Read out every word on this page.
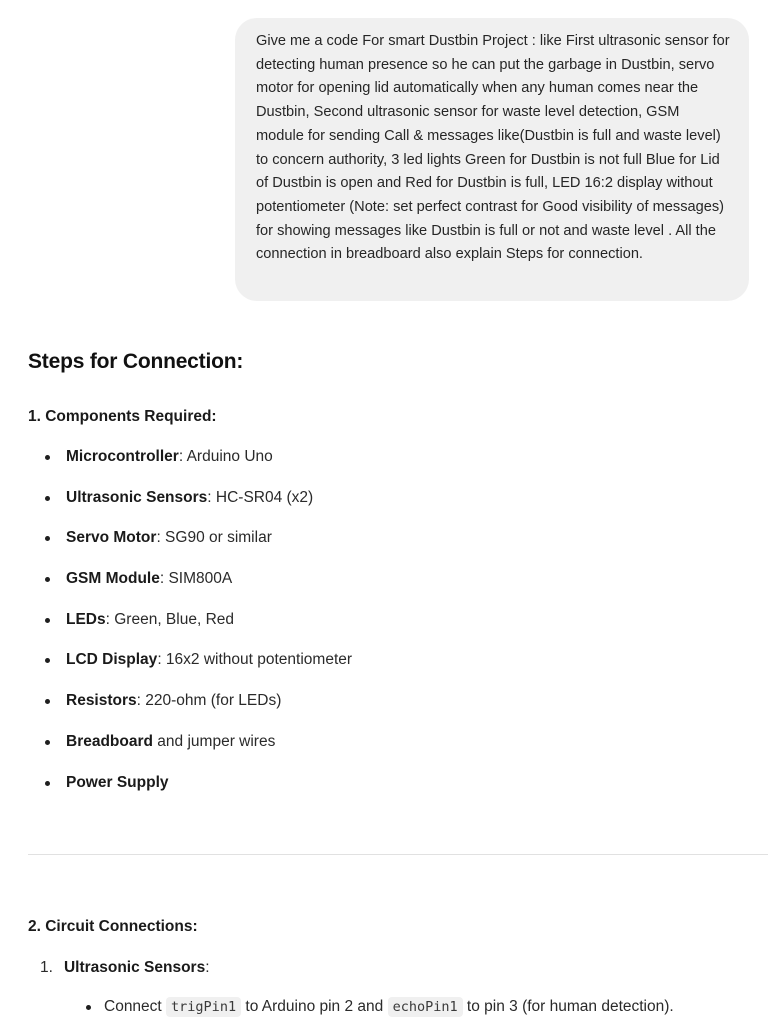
Give me a code For smart Dustbin Project : like First ultrasonic sensor for detecting human presence so he can put the garbage in Dustbin, servo motor for opening lid automatically when any human comes near the Dustbin, Second ultrasonic sensor for waste level detection, GSM module for sending Call & messages like(Dustbin is full and waste level) to concern authority, 3 led lights Green for Dustbin is not full Blue for Lid of Dustbin is open and Red for Dustbin is full, LED 16:2 display without potentiometer (Note: set perfect contrast for Good visibility of messages) for showing messages like Dustbin is full or not and waste level . All the connection in breadboard also explain Steps for connection.
Steps for Connection:
1. Components Required:
Microcontroller: Arduino Uno
Ultrasonic Sensors: HC-SR04 (x2)
Servo Motor: SG90 or similar
GSM Module: SIM800A
LEDs: Green, Blue, Red
LCD Display: 16x2 without potentiometer
Resistors: 220-ohm (for LEDs)
Breadboard and jumper wires
Power Supply
2. Circuit Connections:
1. Ultrasonic Sensors:
Connect trigPin1 to Arduino pin 2 and echoPin1 to pin 3 (for human detection).
